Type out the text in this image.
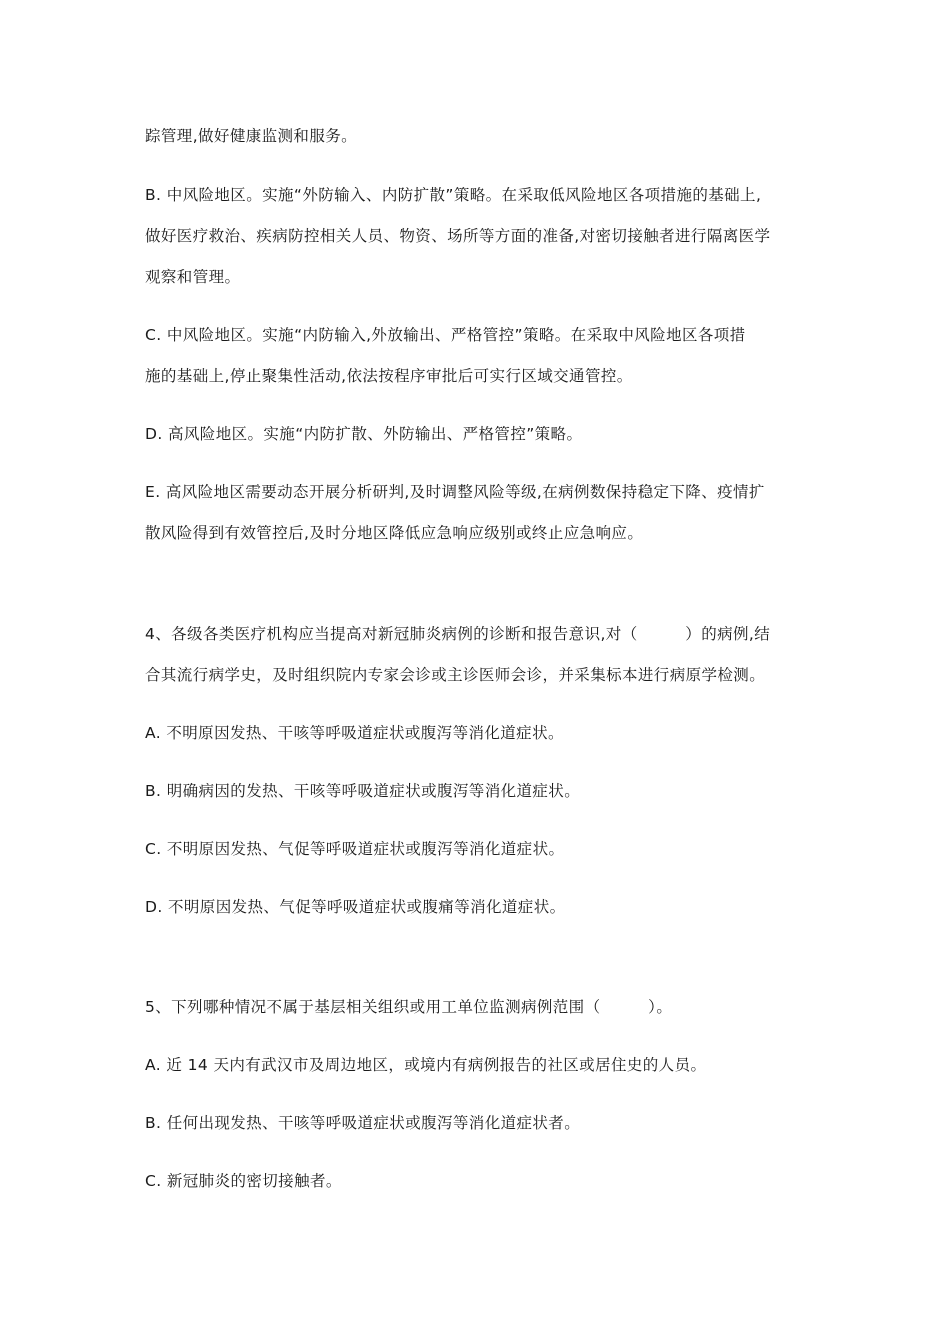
踪管理,做好健康监测和服务。
B. 中风险地区。实施“外防输入、内防扩散”策略。在采取低风险地区各项措施的基础上,
做好医疗救治、疾病防控相关人员、物资、场所等方面的准备,对密切接触者进行隔离医学
观察和管理。
C. 中风险地区。实施“内防输入,外放输出、严格管控”策略。在采取中风险地区各项措
施的基础上,停止聚集性活动,依法按程序审批后可实行区域交通管控。
D. 高风险地区。实施“内防扩散、外防输出、严格管控”策略。
E. 高风险地区需要动态开展分析研判,及时调整风险等级,在病例数保持稳定下降、疫情扩
散风险得到有效管控后,及时分地区降低应急响应级别或终止应急响应。
4、各级各类医疗机构应当提高对新冠肺炎病例的诊断和报告意识,对（　　　）的病例,结
合其流行病学史，及时组织院内专家会诊或主诊医师会诊，并采集标本进行病原学检测。
A. 不明原因发热、干咳等呼吸道症状或腹泻等消化道症状。
B. 明确病因的发热、干咳等呼吸道症状或腹泻等消化道症状。
C. 不明原因发热、气促等呼吸道症状或腹泻等消化道症状。
D. 不明原因发热、气促等呼吸道症状或腹痛等消化道症状。
5、下列哪种情况不属于基层相关组织或用工单位监测病例范围（　　　）。
A. 近 14 天内有武汉市及周边地区，或境内有病例报告的社区或居住史的人员。
B. 任何出现发热、干咳等呼吸道症状或腹泻等消化道症状者。
C. 新冠肺炎的密切接触者。
